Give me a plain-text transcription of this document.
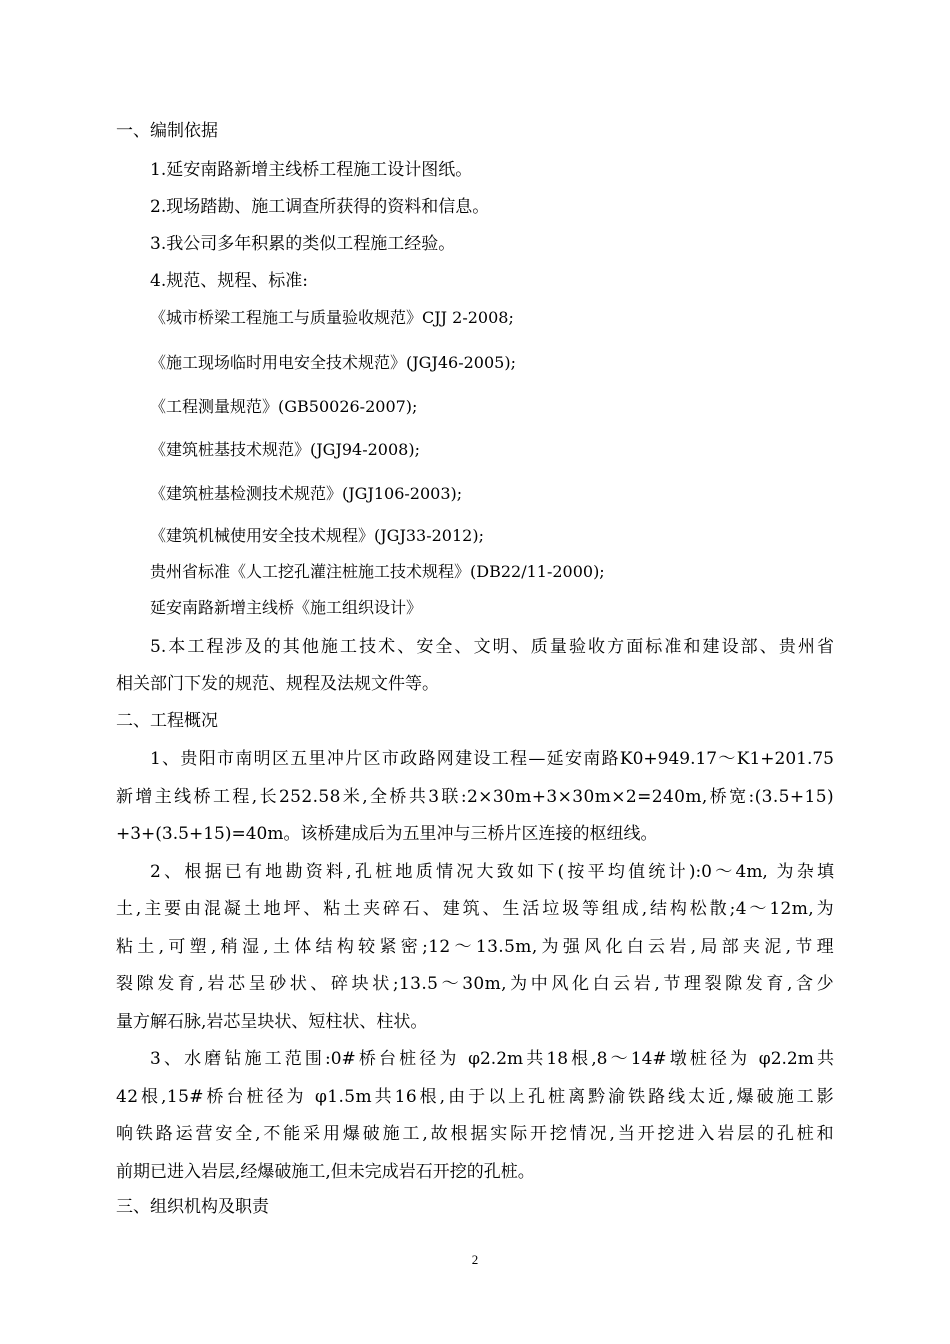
一、编制依据
1.延安南路新增主线桥工程施工设计图纸。
2.现场踏勘、施工调查所获得的资料和信息。
3.我公司多年积累的类似工程施工经验。
4.规范、规程、标准:
《城市桥梁工程施工与质量验收规范》CJJ 2-2008;
《施工现场临时用电安全技术规范》(JGJ46-2005);
《工程测量规范》(GB50026-2007);
《建筑桩基技术规范》(JGJ94-2008);
《建筑桩基检测技术规范》(JGJ106-2003);
《建筑机械使用安全技术规程》(JGJ33-2012);
贵州省标准《人工挖孔灌注桩施工技术规程》(DB22/11-2000);
延安南路新增主线桥《施工组织设计》
5.本工程涉及的其他施工技术、安全、文明、质量验收方面标准和建设部、贵州省
相关部门下发的规范、规程及法规文件等。
二、工程概况
1、贵阳市南明区五里冲片区市政路网建设工程—延安南路K0+949.17～K1+201.75
新增主线桥工程,长252.58米,全桥共3联:2×30m+3×30m×2=240m,桥宽:(3.5+15)
+3+(3.5+15)=40m。该桥建成后为五里冲与三桥片区连接的枢纽线。
2、根据已有地勘资料,孔桩地质情况大致如下(按平均值统计):0～4m, 为杂填
土,主要由混凝土地坪、粘土夹碎石、建筑、生活垃圾等组成,结构松散;4～12m,为
粘土,可塑,稍湿,土体结构较紧密;12～13.5m,为强风化白云岩,局部夹泥,节理
裂隙发育,岩芯呈砂状、碎块状;13.5～30m,为中风化白云岩,节理裂隙发育,含少
量方解石脉,岩芯呈块状、短柱状、柱状。
3、水磨钻施工范围:0#桥台桩径为 φ2.2m共18根,8～14#墩桩径为 φ2.2m共
42根,15#桥台桩径为 φ1.5m共16根,由于以上孔桩离黔渝铁路线太近,爆破施工影
响铁路运营安全,不能采用爆破施工,故根据实际开挖情况,当开挖进入岩层的孔桩和
前期已进入岩层,经爆破施工,但未完成岩石开挖的孔桩。
三、组织机构及职责
2
